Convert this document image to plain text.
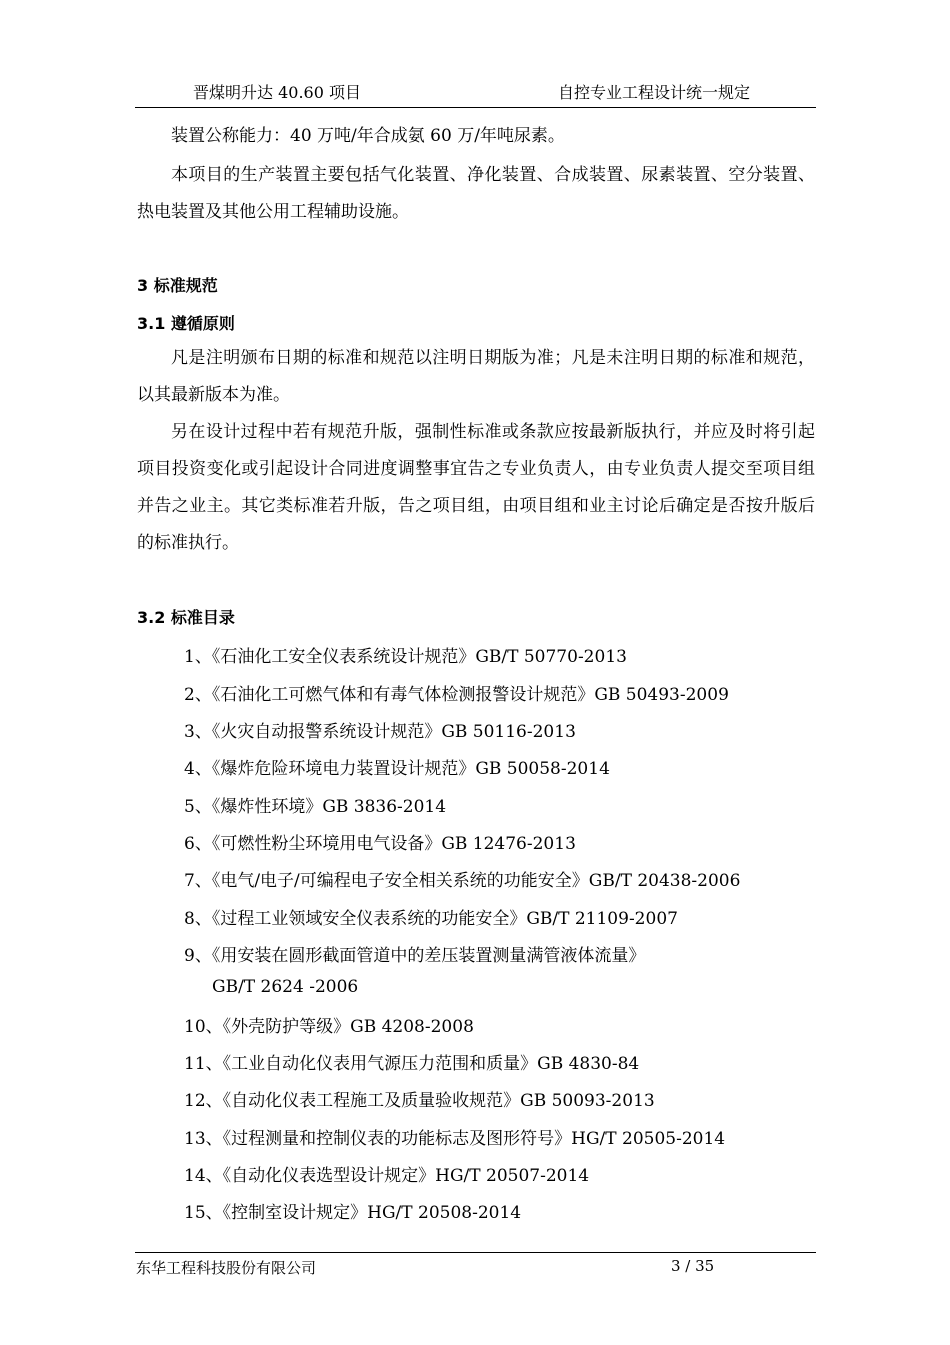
晋煤明升达 40.60 项目	自控专业工程设计统一规定

装置公称能力：40 万吨/年合成氨 60 万/年吨尿素。

本项目的生产装置主要包括气化装置、净化装置、合成装置、尿素装置、空分装置、热电装置及其他公用工程辅助设施。

3 标准规范
3.1 遵循原则

凡是注明颁布日期的标准和规范以注明日期版为准；凡是未注明日期的标准和规范，以其最新版本为准。

另在设计过程中若有规范升版，强制性标准或条款应按最新版执行，并应及时将引起项目投资变化或引起设计合同进度调整事宜告之专业负责人，由专业负责人提交至项目组并告之业主。其它类标准若升版，告之项目组，由项目组和业主讨论后确定是否按升版后的标准执行。

3.2 标准目录
1、《石油化工安全仪表系统设计规范》GB/T 50770-2013
2、《石油化工可燃气体和有毒气体检测报警设计规范》GB 50493-2009
3、《火灾自动报警系统设计规范》GB 50116-2013
4、《爆炸危险环境电力装置设计规范》GB 50058-2014
5、《爆炸性环境》GB 3836-2014
6、《可燃性粉尘环境用电气设备》GB 12476-2013
7、《电气/电子/可编程电子安全相关系统的功能安全》GB/T 20438-2006
8、《过程工业领域安全仪表系统的功能安全》GB/T 21109-2007
9、《用安装在圆形截面管道中的差压装置测量满管液体流量》
GB/T 2624 -2006
10、《外壳防护等级》GB 4208-2008
11、《工业自动化仪表用气源压力范围和质量》GB 4830-84
12、《自动化仪表工程施工及质量验收规范》GB 50093-2013
13、《过程测量和控制仪表的功能标志及图形符号》HG/T 20505-2014
14、《自动化仪表选型设计规定》HG/T 20507-2014
15、《控制室设计规定》HG/T 20508-2014
东华工程科技股份有限公司	3 / 35
